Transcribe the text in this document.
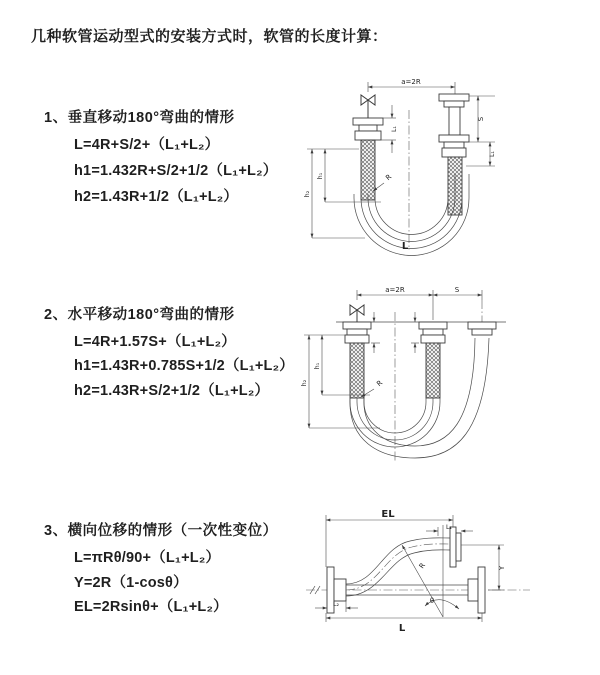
几种软管运动型式的安装方式时，软管的长度计算：
1、垂直移动180°弯曲的情形
L=4R+S/2+（L₁+L₂）
h1=1.432R+S/2+1/2（L₁+L₂）
h2=1.43R+1/2（L₁+L₂）
2、水平移动180°弯曲的情形
L=4R+1.57S+（L₁+L₂）
h1=1.43R+0.785S+1/2（L₁+L₂）
h2=1.43R+S/2+1/2（L₁+L₂）
3、横向位移的情形（一次性变位）
L=πRθ/90+（L₁+L₂）
Y=2R（1-cosθ）
EL=2Rsinθ+（L₁+L₂）
a=2R
L₁
S
L₁
h₁
h₂
R
L
a=2R	S
h₁
h₂	R
EL
L₁
Y
θ
R
L₂
L
